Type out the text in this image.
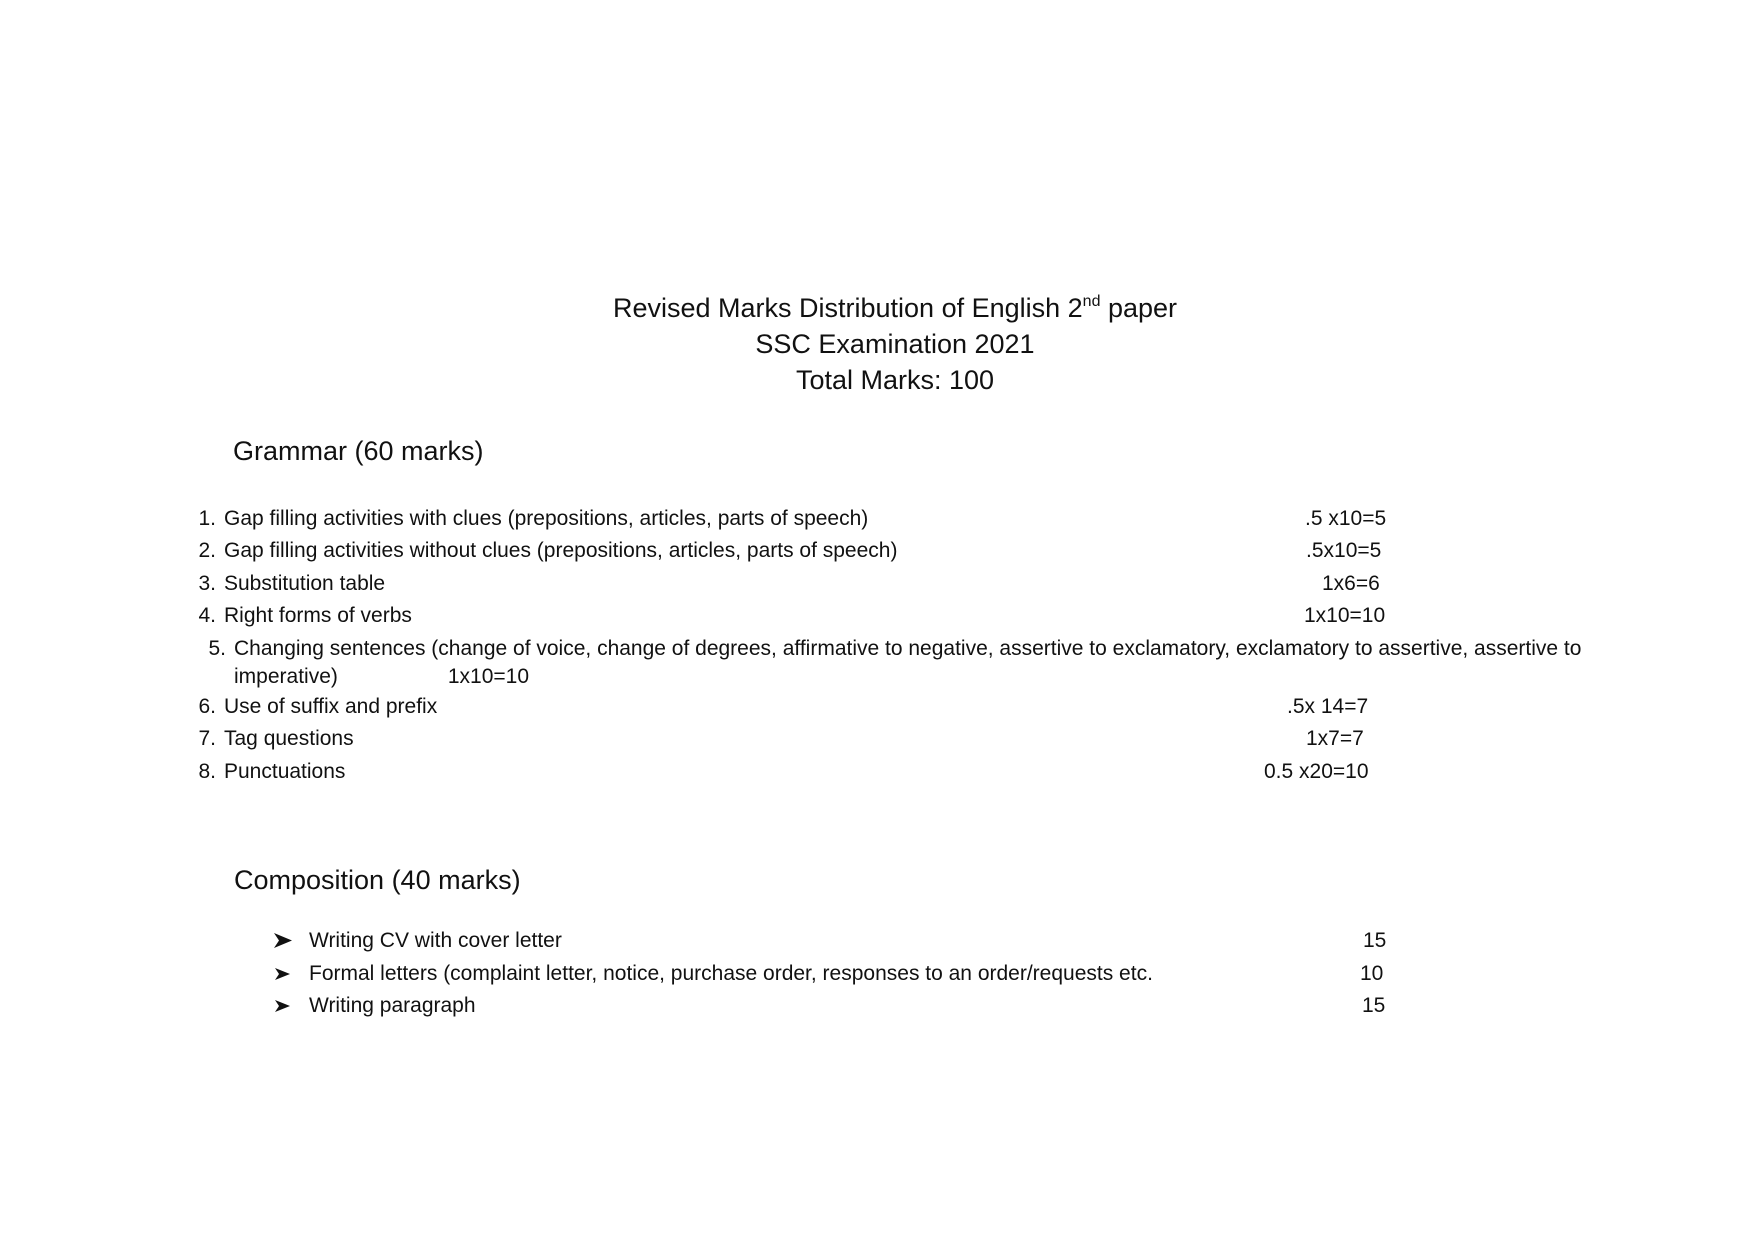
Revised Marks Distribution of English 2nd paper
SSC Examination 2021
Total Marks: 100
Grammar (60 marks)
1. Gap filling activities with clues (prepositions, articles, parts of speech)	.5 x10=5
2. Gap filling activities without clues (prepositions, articles, parts of speech)	.5x10=5
3. Substitution table	1x6=6
4. Right forms of verbs	1x10=10
5. Changing sentences (change of voice, change of degrees, affirmative to negative, assertive to exclamatory, exclamatory to assertive, assertive to imperative)	1x10=10
6. Use of suffix and prefix	.5x 14=7
7. Tag questions	1x7=7
8. Punctuations	0.5 x20=10
Composition (40 marks)
Writing CV with cover letter	15
Formal letters (complaint letter, notice, purchase order, responses to an order/requests etc.	10
Writing paragraph	15
